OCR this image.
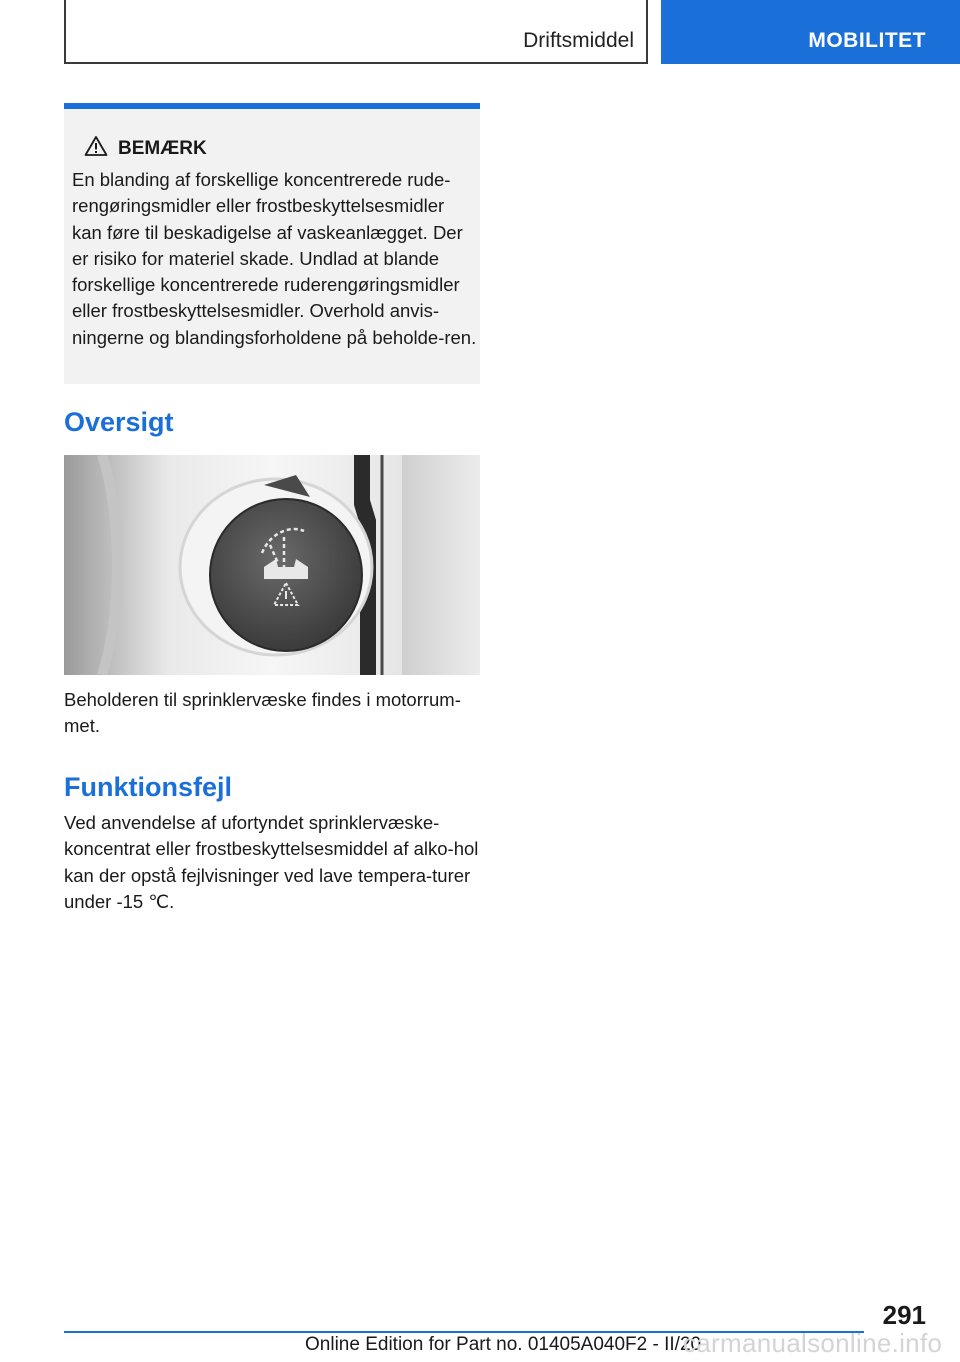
Driftsmiddel	MOBILITET
BEMÆRK
En blanding af forskellige koncentrerede rude-rengøringsmidler eller frostbeskyttelsesmidler kan føre til beskadigelse af vaskeanlægget. Der er risiko for materiel skade. Undlad at blande forskellige koncentrerede ruderengøringsmidler eller frostbeskyttelsesmidler. Overhold anvis-ningerne og blandingsforholdene på beholde-ren.
Oversigt
Beholderen til sprinklervæske findes i motorrum-met.
Funktionsfejl
Ved anvendelse af ufortyndet sprinklervæske-koncentrat eller frostbeskyttelsesmiddel af alko-hol kan der opstå fejlvisninger ved lave tempera-turer under -15 ℃.
291
Online Edition for Part no. 01405A040F2 - II/20
carmanualsonline.info
